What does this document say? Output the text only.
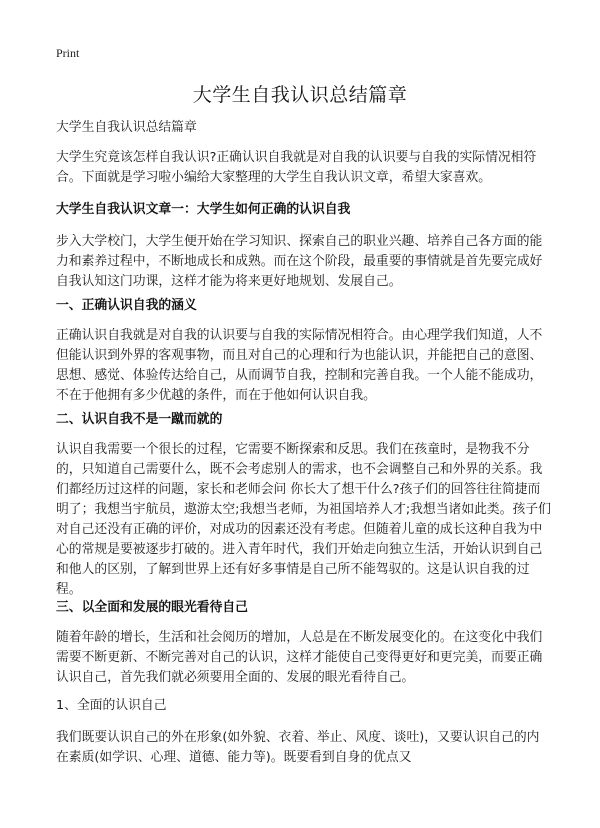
Print
大学生自我认识总结篇章
大学生自我认识总结篇章
大学生究竟该怎样自我认识?正确认识自我就是对自我的认识要与自我的实际情况相符合。下面就是学习啦小编给大家整理的大学生自我认识文章，希望大家喜欢。
大学生自我认识文章一：大学生如何正确的认识自我
步入大学校门，大学生便开始在学习知识、探索自己的职业兴趣、培养自己各方面的能力和素养过程中，不断地成长和成熟。而在这个阶段，最重要的事情就是首先要完成好自我认知这门功课，这样才能为将来更好地规划、发展自己。
一、正确认识自我的涵义
正确认识自我就是对自我的认识要与自我的实际情况相符合。由心理学我们知道，人不但能认识到外界的客观事物，而且对自己的心理和行为也能认识，并能把自己的意图、思想、感觉、体验传达给自己，从而调节自我，控制和完善自我。一个人能不能成功，不在于他拥有多少优越的条件，而在于他如何认识自我。
二、认识自我不是一蹴而就的
认识自我需要一个很长的过程，它需要不断探索和反思。我们在孩童时，是物我不分的，只知道自己需要什么，既不会考虑别人的需求，也不会调整自己和外界的关系。我们都经历过这样的问题，家长和老师会问 你长大了想干什么?孩子们的回答往往简捷而明了；我想当宇航员，遨游太空;我想当老师，为祖国培养人才;我想当诸如此类。孩子们对自己还没有正确的评价，对成功的因素还没有考虑。但随着儿童的成长这种自我为中心的常规是要被逐步打破的。进入青年时代，我们开始走向独立生活，开始认识到自己和他人的区别，了解到世界上还有好多事情是自己所不能驾驭的。这是认识自我的过程。
三、以全面和发展的眼光看待自己
随着年龄的增长，生活和社会阅历的增加，人总是在不断发展变化的。在这变化中我们需要不断更新、不断完善对自己的认识，这样才能使自己变得更好和更完美，而要正确认识自己，首先我们就必须要用全面的、发展的眼光看待自己。
1、全面的认识自己
我们既要认识自己的外在形象(如外貌、衣着、举止、风度、谈吐)，又要认识自己的内在素质(如学识、心理、道德、能力等)。既要看到自身的优点又
